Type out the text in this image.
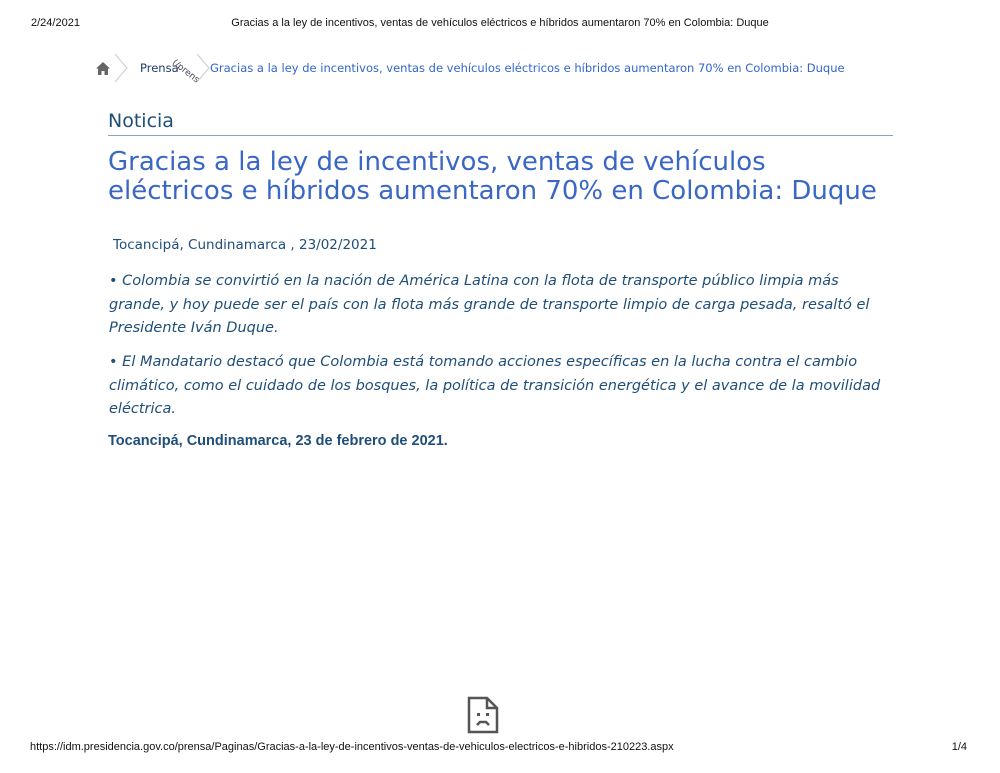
2/24/2021	Gracias a la ley de incentivos, ventas de vehículos eléctricos e híbridos aumentaron 70% en Colombia: Duque
Prensa
(/prens Gracias a la ley de incentivos, ventas de vehículos eléctricos e híbridos aumentaron 70% en Colombia: Duque
Noticia
Gracias a la ley de incentivos, ventas de vehículos eléctricos e híbridos aumentaron 70% en Colombia: Duque
Tocancipá, Cundinamarca , 23/02/2021

• Colombia se convirtió en la nación de América Latina con la flota de transporte público limpia más grande, y hoy puede ser el país con la flota más grande de transporte limpio de carga pesada, resaltó el Presidente Iván Duque.

• El Mandatario destacó que Colombia está tomando acciones específicas en la lucha contra el cambio climático, como el cuidado de los bosques, la política de transición energética y el avance de la movilidad eléctrica.

Tocancipá, Cundinamarca, 23 de febrero de 2021.
https://idm.presidencia.gov.co/prensa/Paginas/Gracias-a-la-ley-de-incentivos-ventas-de-vehiculos-electricos-e-hibridos-210223.aspx	1/4
